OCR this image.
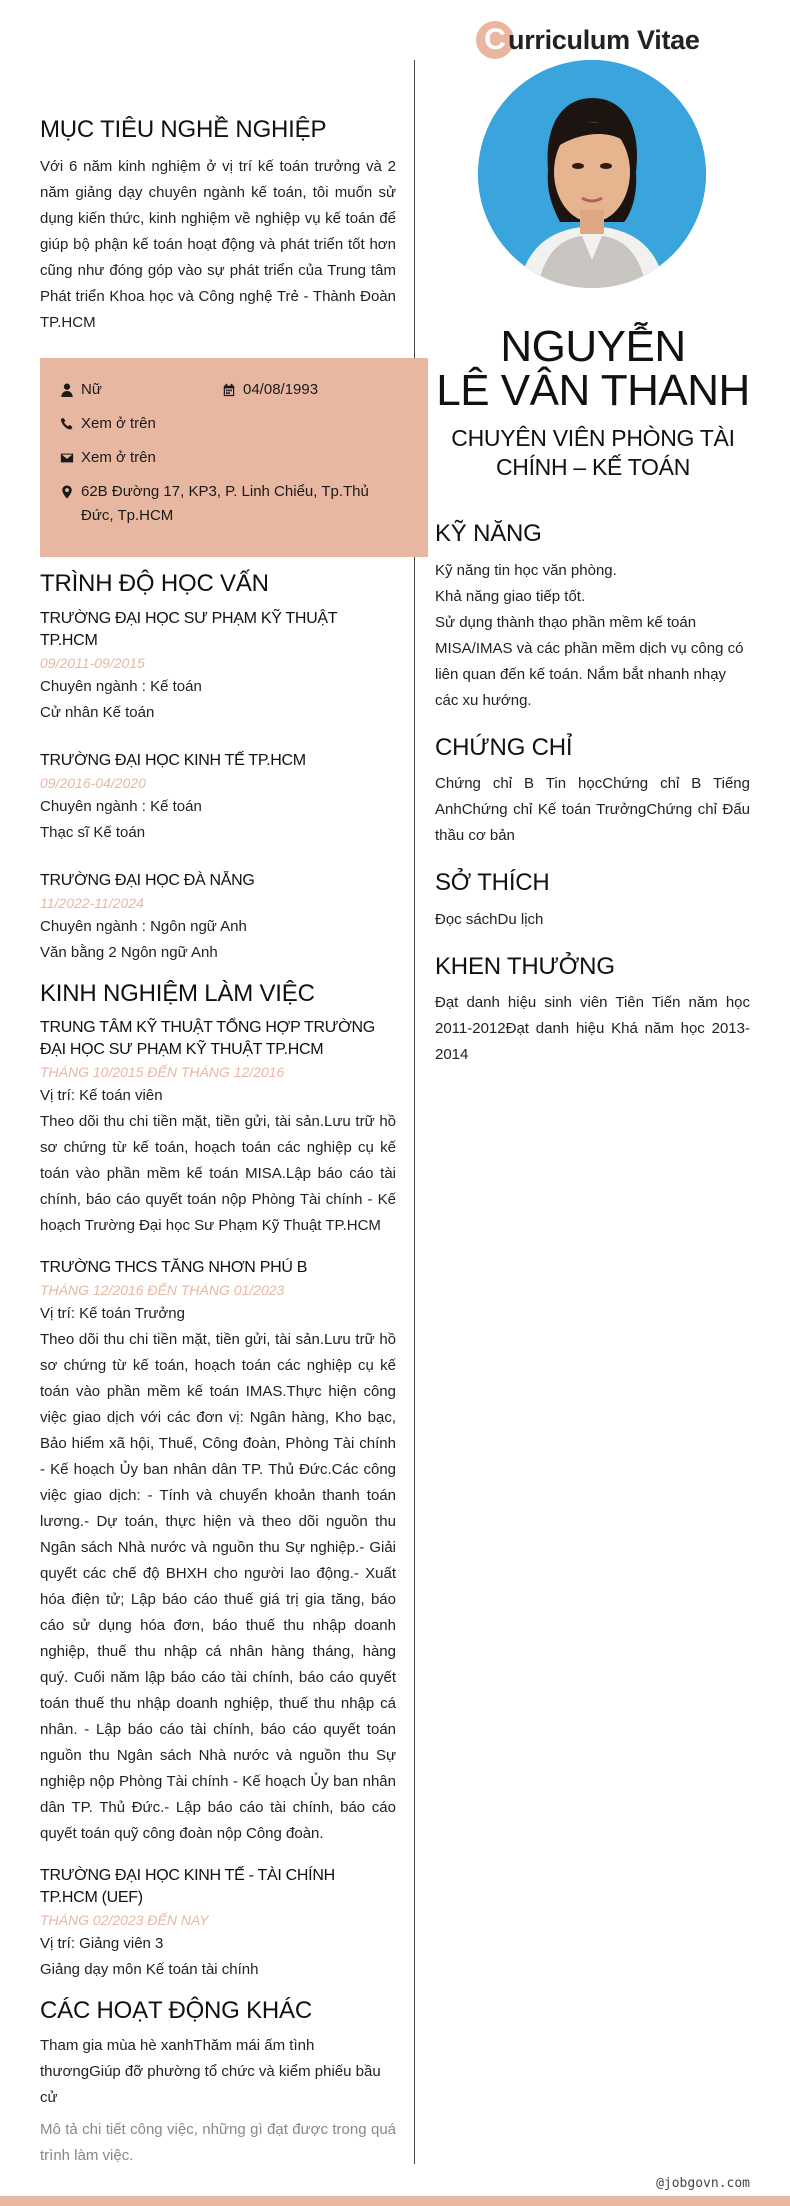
C urriculum Vitae
MỤC TIÊU NGHỀ NGHIỆP
Với 6 năm kinh nghiệm ở vị trí kế toán trưởng và 2 năm giảng dạy chuyên ngành kế toán, tôi muốn sử dụng kiến thức, kinh nghiệm về nghiệp vụ kế toán để giúp bộ phận kế toán hoạt động và phát triển tốt hơn cũng như đóng góp vào sự phát triển của Trung tâm Phát triển Khoa học và Công nghệ Trẻ - Thành Đoàn TP.HCM
Nữ	04/08/1993
Xem ở trên
Xem ở trên
62B Đường 17, KP3, P. Linh Chiểu, Tp.Thủ Đức, Tp.HCM
TRÌNH ĐỘ HỌC VẤN
TRƯỜNG ĐẠI HỌC SƯ PHẠM KỸ THUẬT TP.HCM
09/2011-09/2015
Chuyên ngành : Kế toán
Cử nhân Kế toán
TRƯỜNG ĐẠI HỌC KINH TẾ TP.HCM
09/2016-04/2020
Chuyên ngành : Kế toán
Thạc sĩ Kế toán
TRƯỜNG ĐẠI HỌC ĐÀ NẴNG
11/2022-11/2024
Chuyên ngành : Ngôn ngữ Anh
Văn bằng 2 Ngôn ngữ Anh
KINH NGHIỆM LÀM VIỆC
TRUNG TÂM KỸ THUẬT TỔNG HỢP TRƯỜNG ĐẠI HỌC SƯ PHẠM KỸ THUẬT TP.HCM
THÁNG 10/2015 ĐẾN THÁNG 12/2016
Vị trí: Kế toán viên
Theo dõi thu chi tiền mặt, tiền gửi, tài sản.Lưu trữ hồ sơ chứng từ kế toán, hoạch toán các nghiệp cụ kế toán vào phần mềm kế toán MISA.Lập báo cáo tài chính, báo cáo quyết toán nộp Phòng Tài chính - Kế hoạch Trường Đại học Sư Phạm Kỹ Thuật TP.HCM
TRƯỜNG THCS TĂNG NHƠN PHÚ B
THÁNG 12/2016 ĐẾN THÁNG 01/2023
Vị trí: Kế toán Trưởng
Theo dõi thu chi tiền mặt, tiền gửi, tài sản.Lưu trữ hồ sơ chứng từ kế toán, hoạch toán các nghiệp cụ kế toán vào phần mềm kế toán IMAS.Thực hiện công việc giao dịch với các đơn vị: Ngân hàng, Kho bạc, Bảo hiểm xã hội, Thuế, Công đoàn, Phòng Tài chính - Kế hoạch Ủy ban nhân dân TP. Thủ Đức.Các công việc giao dịch: - Tính và chuyển khoản thanh toán lương.- Dự toán, thực hiện và theo dõi nguồn thu Ngân sách Nhà nước và nguồn thu Sự nghiệp.- Giải quyết các chế độ BHXH cho người lao động.- Xuất hóa điện tử; Lập báo cáo thuế giá trị gia tăng, báo cáo sử dụng hóa đơn, báo thuế thu nhập doanh nghiệp, thuế thu nhập cá nhân hàng tháng, hàng quý. Cuối năm lập báo cáo tài chính, báo cáo quyết toán thuế thu nhập doanh nghiệp, thuế thu nhập cá nhân. - Lập báo cáo tài chính, báo cáo quyết toán nguồn thu Ngân sách Nhà nước và nguồn thu Sự nghiệp nộp Phòng Tài chính - Kế hoạch Ủy ban nhân dân TP. Thủ Đức.- Lập báo cáo tài chính, báo cáo quyết toán quỹ công đoàn nộp Công đoàn.
TRƯỜNG ĐẠI HỌC KINH TẾ - TÀI CHÍNH TP.HCM (UEF)
THÁNG 02/2023 ĐẾN NAY
Vị trí: Giảng viên 3
Giảng dạy môn Kế toán tài chính
CÁC HOẠT ĐỘNG KHÁC
Tham gia mùa hè xanhThăm mái ấm tình thươngGiúp đỡ phường tổ chức và kiểm phiếu bầu cử
Mô tả chi tiết công việc, những gì đạt được trong quá trình làm việc.
NGUYỄN
LÊ VÂN THANH
CHUYÊN VIÊN PHÒNG TÀI CHÍNH – KẾ TOÁN
KỸ NĂNG
Kỹ năng tin học văn phòng.
Khả năng giao tiếp tốt.
Sử dụng thành thạo phần mềm kế toán MISA/IMAS và các phần mềm dịch vụ công có liên quan đến kế toán. Nắm bắt nhanh nhạy các xu hướng.
CHỨNG CHỈ
Chứng chỉ B Tin họcChứng chỉ B Tiếng AnhChứng chỉ Kế toán TrưởngChứng chỉ Đấu thầu cơ bản
SỞ THÍCH
Đọc sáchDu lịch
KHEN THƯỞNG
Đạt danh hiệu sinh viên Tiên Tiến năm học 2011-2012Đạt danh hiệu Khá năm học 2013-2014
@jobgovn.com
